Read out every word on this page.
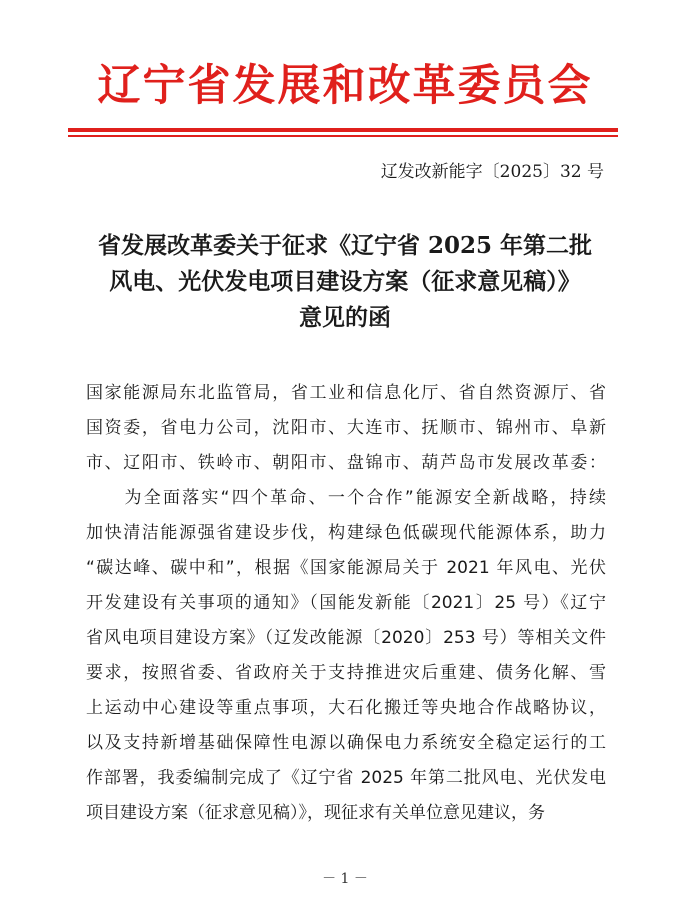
辽宁省发展和改革委员会
辽发改新能字〔2025〕32 号
省发展改革委关于征求《辽宁省 2025 年第二批
风电、光伏发电项目建设方案（征求意见稿）》
意见的函
国家能源局东北监管局，省工业和信息化厅、省自然资源厅、省
国资委，省电力公司，沈阳市、大连市、抚顺市、锦州市、阜新
市、辽阳市、铁岭市、朝阳市、盘锦市、葫芦岛市发展改革委：
　　为全面落实“四个革命、一个合作”能源安全新战略，持续
加快清洁能源强省建设步伐，构建绿色低碳现代能源体系，助力
“碳达峰、碳中和”，根据《国家能源局关于 2021 年风电、光伏
开发建设有关事项的通知》（国能发新能〔2021〕25 号）《辽宁
省风电项目建设方案》（辽发改能源〔2020〕253 号）等相关文件
要求，按照省委、省政府关于支持推进灾后重建、债务化解、雪
上运动中心建设等重点事项，大石化搬迁等央地合作战略协议，
以及支持新增基础保障性电源以确保电力系统安全稳定运行的工
作部署，我委编制完成了《辽宁省 2025 年第二批风电、光伏发电
项目建设方案（征求意见稿）》，现征求有关单位意见建议，务
－ 1 －
